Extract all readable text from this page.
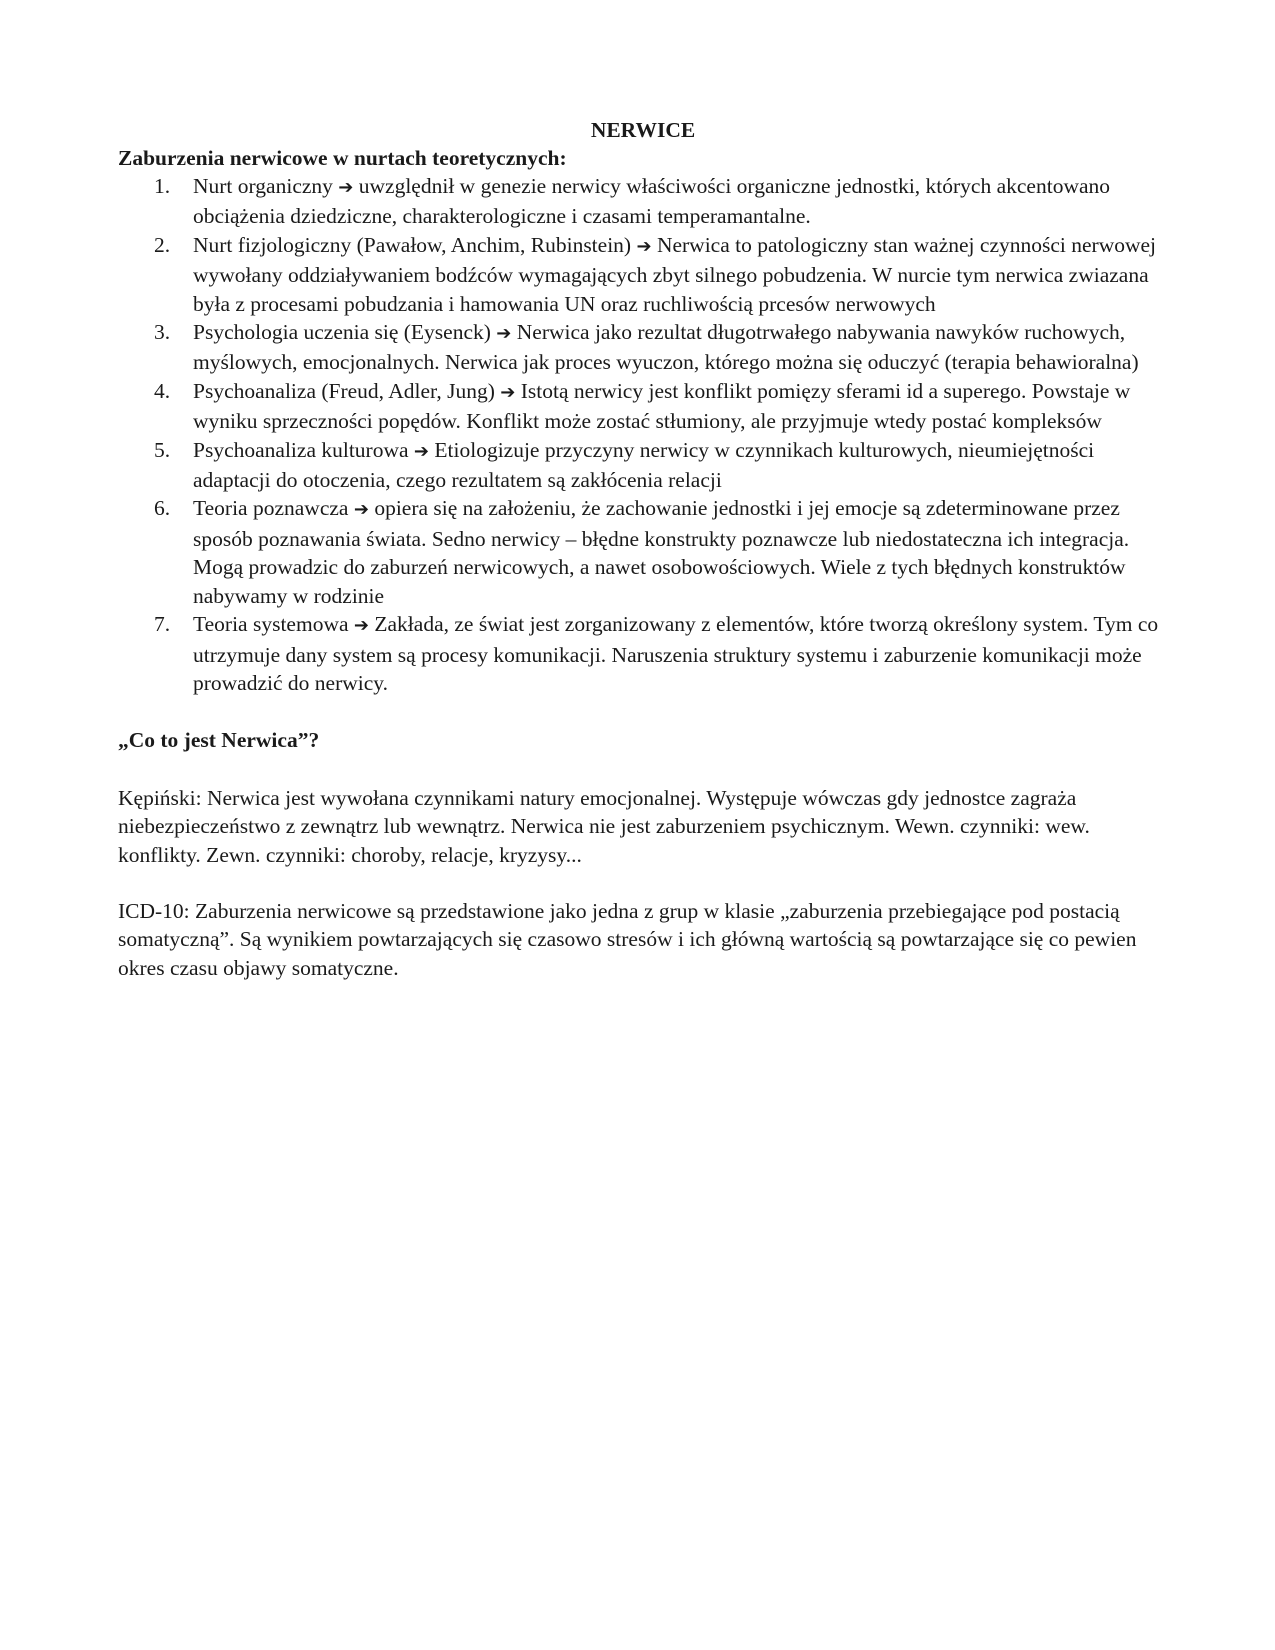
NERWICE

Zaburzenia nerwicowe w nurtach teoretycznych:

1. Nurt organiczny ➔ uwzględnił w genezie nerwicy właściwości organiczne jednostki, których akcentowano obciążenia dziedziczne, charakterologiczne i czasami temperamantalne.
2. Nurt fizjologiczny (Pawałow, Anchim, Rubinstein) ➔ Nerwica to patologiczny stan ważnej czynności nerwowej wywołany oddziaływaniem bodźców wymagających zbyt silnego pobudzenia. W nurcie tym nerwica zwiazana była z procesami pobudzania i hamowania UN oraz ruchliwością prcesów nerwowych
3. Psychologia uczenia się (Eysenck) ➔ Nerwica jako rezultat długotrwałego nabywania nawyków ruchowych, myślowych, emocjonalnych. Nerwica jak proces wyuczon, którego można się oduczyć (terapia behawioralna)
4. Psychoanaliza (Freud, Adler, Jung) ➔ Istotą nerwicy jest konflikt pomięzy sferami id a superego. Powstaje w wyniku sprzeczności popędów. Konflikt może zostać stłumiony, ale przyjmuje wtedy postać kompleksów
5. Psychoanaliza kulturowa ➔ Etiologizuje przyczyny nerwicy w czynnikach kulturowych, nieumiejętności adaptacji do otoczenia, czego rezultatem są zakłócenia relacji
6. Teoria poznawcza ➔ opiera się na założeniu, że zachowanie jednostki i jej emocje są zdeterminowane przez sposób poznawania świata. Sedno nerwicy – błędne konstrukty poznawcze lub niedostateczna ich integracja. Mogą prowadzic do zaburzeń nerwicowych, a nawet osobowościowych. Wiele z tych błędnych konstruktów nabywamy w rodzinie
7. Teoria systemowa ➔ Zakłada, ze świat jest zorganizowany z elementów, które tworzą określony system. Tym co utrzymuje dany system są procesy komunikacji. Naruszenia struktury systemu i zaburzenie komunikacji może prowadzić do nerwicy.

„Co to jest Nerwica”?

Kępiński: Nerwica jest wywołana czynnikami natury emocjonalnej. Występuje wówczas gdy jednostce zagraża niebezpieczeństwo z zewnątrz lub wewnątrz. Nerwica nie jest zaburzeniem psychicznym. Wewn. czynniki: wew. konflikty. Zewn. czynniki: choroby, relacje, kryzysy...

ICD-10: Zaburzenia nerwicowe są przedstawione jako jedna z grup w klasie „zaburzenia przebiegające pod postacią somatyczną”. Są wynikiem powtarzających się czasowo stresów i ich główną wartością są powtarzające się co pewien okres czasu objawy somatyczne.
